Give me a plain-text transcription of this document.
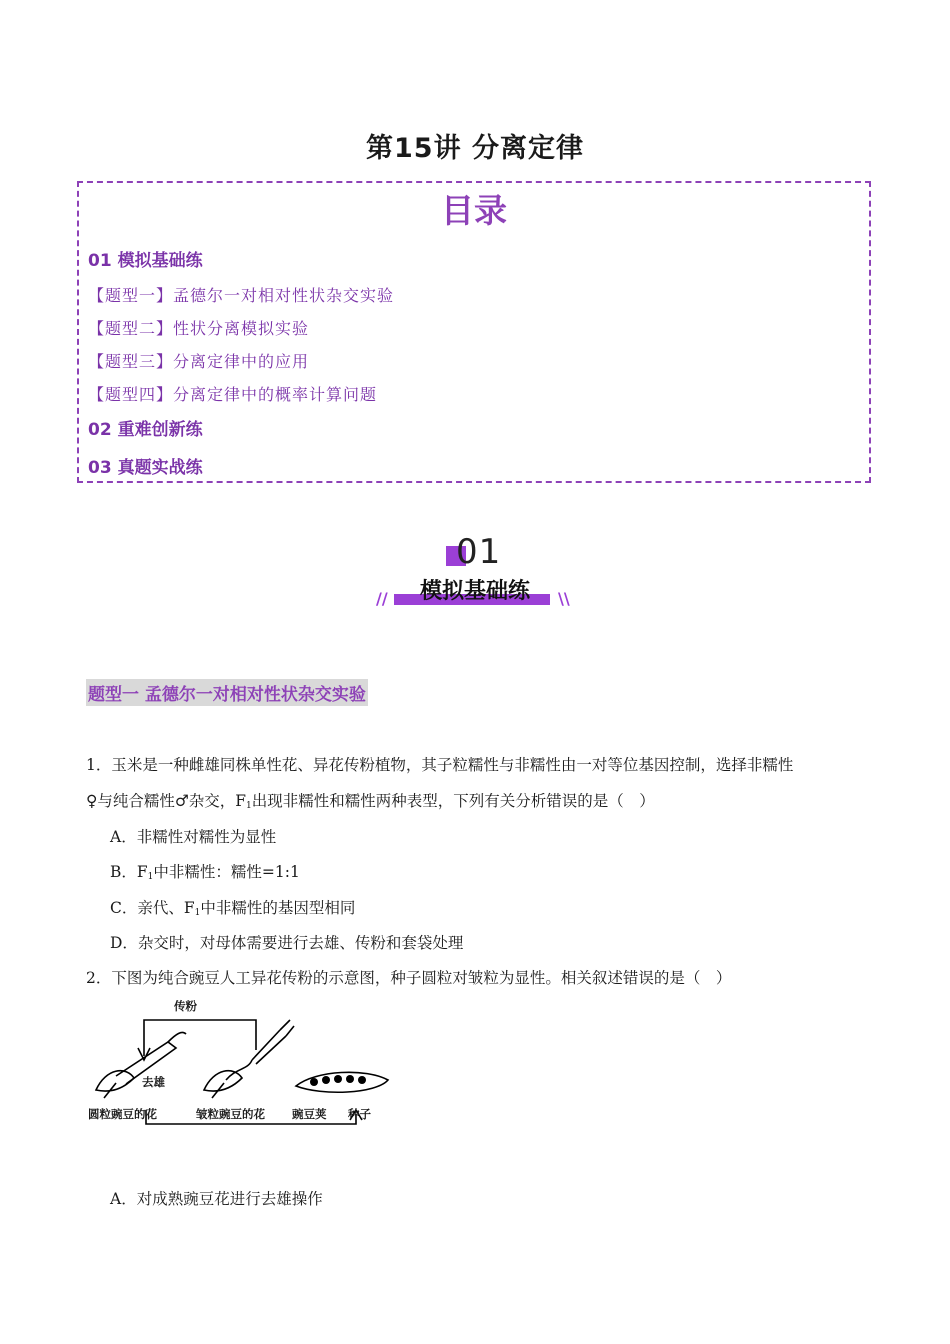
第15讲 分离定律
目录
01 模拟基础练
【题型一】孟德尔一对相对性状杂交实验
【题型二】性状分离模拟实验
【题型三】分离定律中的应用
【题型四】分离定律中的概率计算问题
02 重难创新练
03 真题实战练
01
模拟基础练
//	\\
题型一 孟德尔一对相对性状杂交实验
1．玉米是一种雌雄同株单性花、异花传粉植物，其子粒糯性与非糯性由一对等位基因控制，选择非糯性
♀与纯合糯性♂杂交，$F_1$出现非糯性和糯性两种表型，下列有关分析错误的是（　）
A．非糯性对糯性为显性
B．$F_1$中非糯性：糯性=1:1
C．亲代、$F_1$中非糯性的基因型相同
D．杂交时，对母体需要进行去雄、传粉和套袋处理
2．下图为纯合豌豆人工异花传粉的示意图，种子圆粒对皱粒为显性。相关叙述错误的是（　）
传粉
去雄
圆粒豌豆的花	皱粒豌豆的花 豌豆荚 种子
A．对成熟豌豆花进行去雄操作
